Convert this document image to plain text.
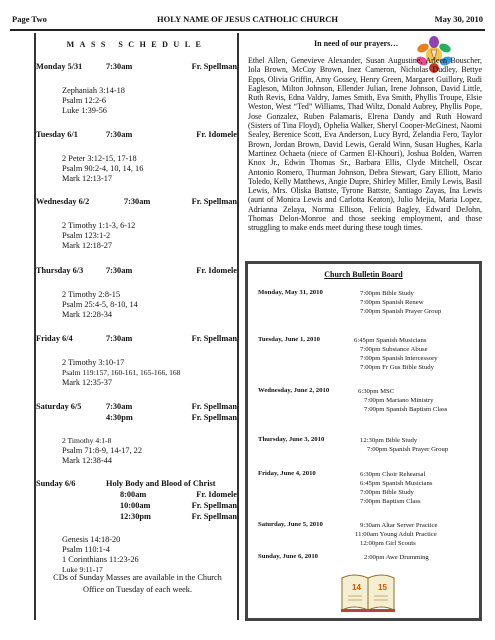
Page Two	HOLY NAME OF JESUS CATHOLIC CHURCH	May 30, 2010
MASS SCHEDULE
Monday 5/31	7:30am	Fr. Spellman
Zephaniah 3:14-18
Psalm 12:2-6
Luke 1:39-56
Tuesday 6/1	7:30am	Fr. Idomele
2 Peter 3:12-15, 17-18
Psalm 90:2-4, 10, 14, 16
Mark 12:13-17
Wednesday 6/2	7:30am	Fr. Spellman
2 Timothy 1:1-3, 6-12
Psalm 123:1-2
Mark 12:18-27
Thursday 6/3	7:30am	Fr. Idomele
2 Timothy 2:8-15
Psalm 25:4-5, 8-10, 14
Mark 12:28-34
Friday 6/4	7:30am	Fr. Spellman
2 Timothy 3:10-17
Psalm 119:157, 160-161, 165-166, 168
Mark 12:35-37
Saturday 6/5	7:30am	Fr. Spellman
4:30pm	Fr. Spellman
2 Timothy 4:1-8
Psalm 71:8-9, 14-17, 22
Mark 12:38-44
Sunday 6/6	Holy Body and Blood of Christ
8:00am	Fr. Idomele
10:00am	Fr. Spellman
12:30pm	Fr. Spellman
Genesis 14:18-20
Psalm 110:1-4
1 Corinthians 11:23-26
Luke 9:11-17
CDs of Sunday Masses are available in the Church Office on Tuesday of each week.
In need of our prayers…
Ethel Allen, Genevieve Alexander, Susan Augustine, Arleen Bouscher, Iola Brown, McCoy Brown, Inez Cameron, Nicholas Dudley, Bettye Epps, Olivia Griffin, Amy Gossey, Henry Green, Margaret Guillory, Rudi Eagleson, Milton Johnson, Ellender Julian, Irene Johnson, David Little, Ruth Revis, Edna Valdry, James Smith, Eva Smith, Phyllis Troupe, Elsie Weston, West “Ted” Williams, Thad Wiltz, Donald Aubrey, Phyllis Pope, Jose Gonzalez, Ruben Palamaris, Elrena Dandy and Ruth Howard (Sisters of Tina Floyd), Ophelia Walker, Sheryl Cooper-McGinest, Naomi Sealey, Berenice Scott, Eva Anderson, Lucy Byrd, Zelandia Fero, Taylor Brown, Jordan Brown, David Lewis, Gerald Winn, Susan Hughes, Karla Martinez Ochaeta (niece of Carmen El-Khouri), Joshua Bolden, Warren Knox Jr., Edwin Thomas Sr., Barbara Ellis, Clyde Mitchell, Oscar Antonio Romero, Thurman Johnson, Debra Stewart, Gary Elliott, Mario Toledo, Kelly Matthews, Angie Dupre, Shirley Miller, Emily Lewis, Basil Lewis, Mrs. Oliska Battste, Tyrone Battste, Santiago Zayas, Ina Lewis (aunt of Monica Lewis and Carlotta Keaton), Julio Mejia, Maria Lopez, Adrianna Zelaya, Norma Ellison, Felicia Bagley, Edward DeJohn, Thomas Delon-Monroe and those seeking employment, and those struggling to make ends meet during these tough times.
Church Bulletin Board
Monday, May 31, 2010	7:00pm Bible Study
7:00pm Spanish Renew
7:00pm Spanish Prayer Group
Tuesday, June 1, 2010	6:45pm Spanish Musicians
7:00pm Substance Abuse
7:00pm Spanish Intercessory
7:00pm Fr Gus Bible Study
Wednesday, June 2, 2010	6:30pm MSC
7:00pm Mariano Ministry
7:00pm Spanish Baptism Class
Thursday, June 3, 2010	12:30pm Bible Study
7:00pm Spanish Prayer Group
Friday, June 4, 2010	6:30pm Choir Rehearsal
6:45pm Spanish Musicians
7:00pm Bible Study
7:00pm Baptism Class
Saturday, June 5, 2010	9:30am Altar Server Practice
11:00am Young Adult Practice
12:00pm Girl Scouts
Sunday, June 6, 2010	2:00pm Awe Drumming
14 15
